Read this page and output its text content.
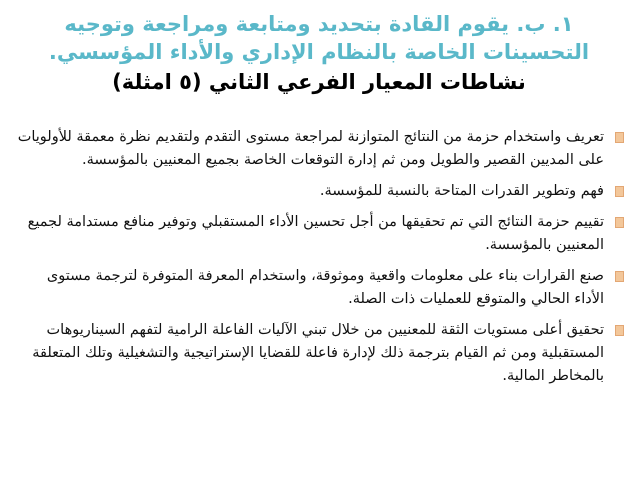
١. ب. يقوم القادة بتحديد ومتابعة ومراجعة وتوجيه

التحسينات الخاصة بالنظام الإداري والأداء المؤسسي.

نشاطات المعيار الفرعي الثاني (٥ امثلة)

تعريف واستخدام حزمة من النتائج المتوازنة لمراجعة مستوى التقدم ولتقديم نظرة معمقة للأولويات على المديين القصير والطويل ومن ثم إدارة التوقعات الخاصة بجميع المعنيين بالمؤسسة.
فهم وتطوير القدرات المتاحة بالنسبة للمؤسسة.
تقييم حزمة النتائج التي تم تحقيقها من أجل تحسين الأداء المستقبلي وتوفير منافع مستدامة لجميع المعنيين بالمؤسسة.
صنع القرارات بناء على معلومات واقعية وموثوقة، واستخدام المعرفة المتوفرة لترجمة مستوى الأداء الحالي والمتوقع للعمليات ذات الصلة.
تحقيق أعلى مستويات الثقة للمعنيين من خلال تبني الآليات الفاعلة الرامية لتفهم السيناريوهات المستقبلية ومن ثم القيام بترجمة ذلك لإدارة فاعلة للقضايا الإستراتيجية والتشغيلية وتلك المتعلقة بالمخاطر المالية.
